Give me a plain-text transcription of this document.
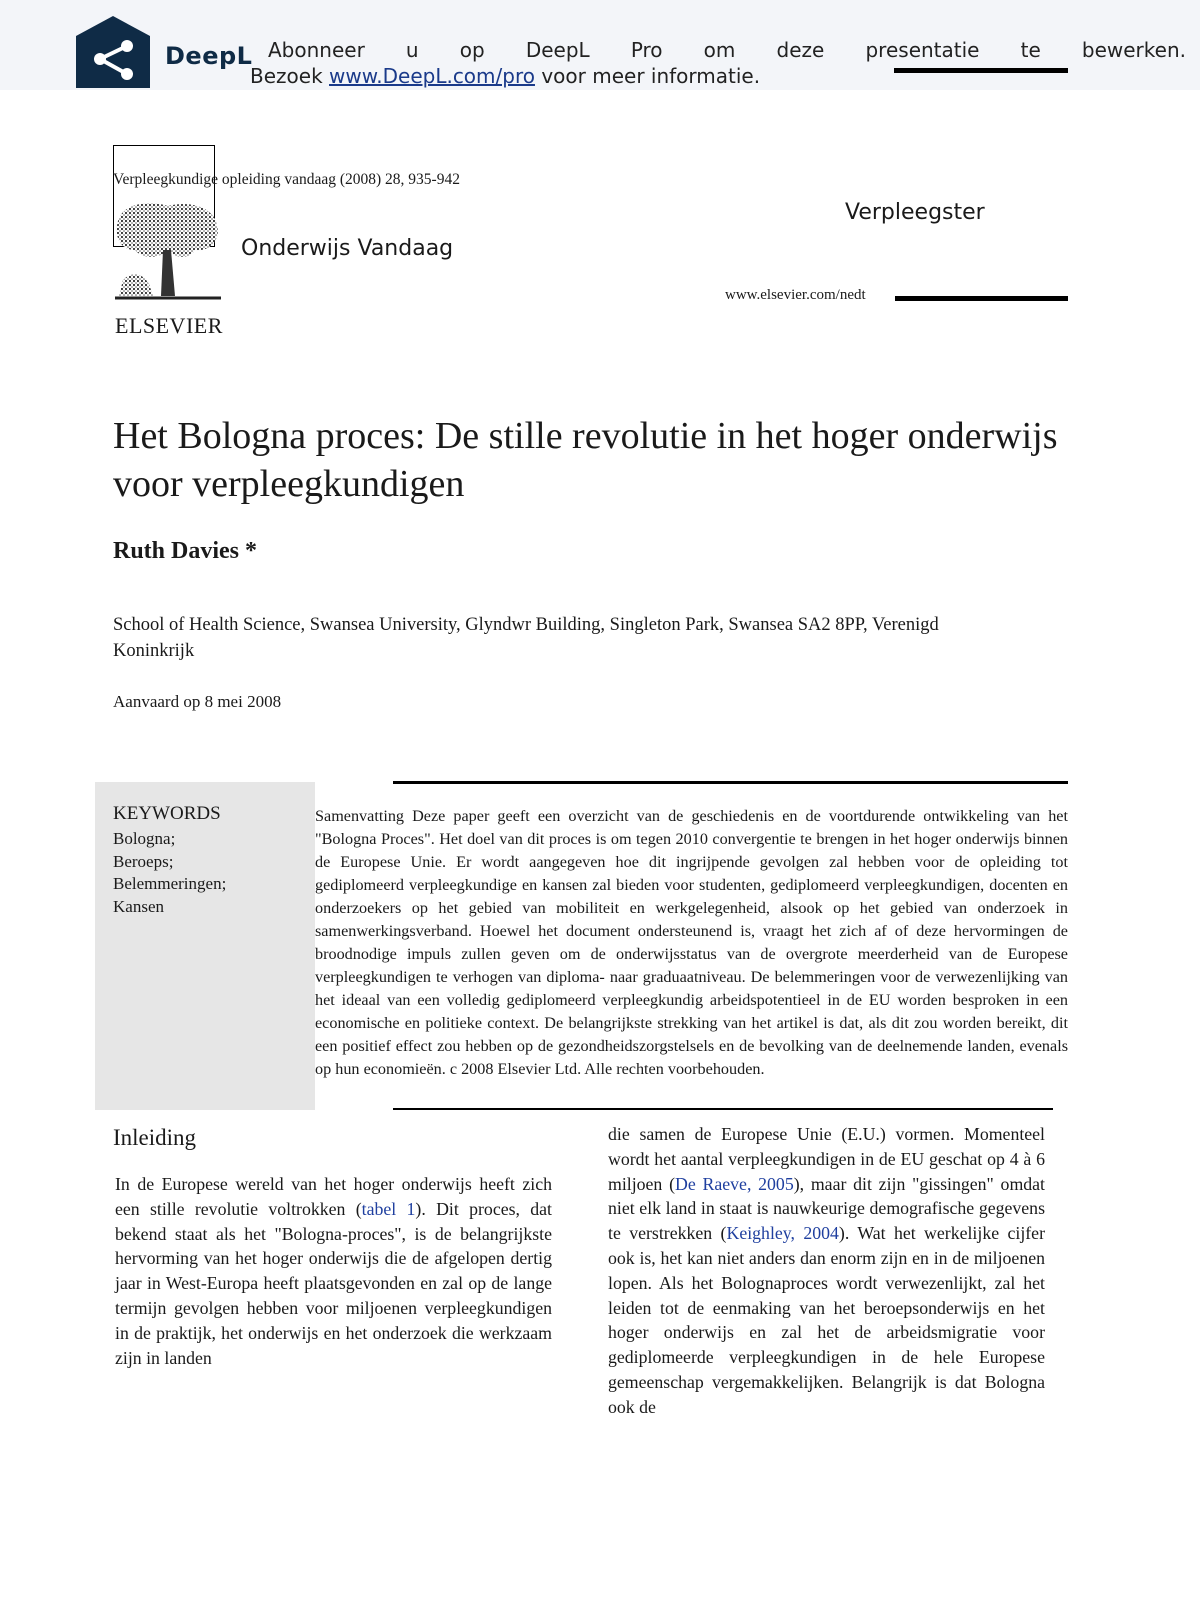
DeepL Abonneer u op DeepL Pro om deze presentatie te bewerken.
Bezoek www.DeepL.com/pro voor meer informatie.
ELSEVIER
Verpleegkundige opleiding vandaag (2008) 28, 935-942
Verpleegster
Onderwijs Vandaag
www.elsevier.com/nedt
Het Bologna proces: De stille revolutie in het hoger onderwijs voor verpleegkundigen
Ruth Davies *
School of Health Science, Swansea University, Glyndwr Building, Singleton Park, Swansea SA2 8PP, Verenigd Koninkrijk
Aanvaard op 8 mei 2008
KEYWORDS
Bologna;
Beroeps;
Belemmeringen;
Kansen
Samenvatting Deze paper geeft een overzicht van de geschiedenis en de voortdurende ontwikkeling van het "Bologna Proces". Het doel van dit proces is om tegen 2010 convergentie te brengen in het hoger onderwijs binnen de Europese Unie. Er wordt aangegeven hoe dit ingrijpende gevolgen zal hebben voor de opleiding tot gediplomeerd verpleegkundige en kansen zal bieden voor studenten, gediplomeerd verpleegkundigen, docenten en onderzoekers op het gebied van mobiliteit en werkgelegenheid, alsook op het gebied van onderzoek in samenwerkingsverband. Hoewel het document ondersteunend is, vraagt het zich af of deze hervormingen de broodnodige impuls zullen geven om de onderwijsstatus van de overgrote meerderheid van de Europese verpleegkundigen te verhogen van diploma- naar graduaatniveau. De belemmeringen voor de verwezenlijking van het ideaal van een volledig gediplomeerd verpleegkundig arbeidspotentieel in de EU worden besproken in een economische en politieke context. De belangrijkste strekking van het artikel is dat, als dit zou worden bereikt, dit een positief effect zou hebben op de gezondheidszorgstelsels en de bevolking van de deelnemende landen, evenals op hun economieën. c 2008 Elsevier Ltd. Alle rechten voorbehouden.
Inleiding
In de Europese wereld van het hoger onderwijs heeft zich een stille revolutie voltrokken (tabel 1). Dit proces, dat bekend staat als het "Bologna-proces", is de belangrijkste hervorming van het hoger onderwijs die de afgelopen dertig jaar in West-Europa heeft plaatsgevonden en zal op de lange termijn gevolgen hebben voor miljoenen verpleegkundigen in de praktijk, het onderwijs en het onderzoek die werkzaam zijn in landen
die samen de Europese Unie (E.U.) vormen. Momenteel wordt het aantal verpleegkundigen in de EU geschat op 4 à 6 miljoen (De Raeve, 2005), maar dit zijn "gissingen" omdat niet elk land in staat is nauwkeurige demografische gegevens te verstrekken (Keighley, 2004). Wat het werkelijke cijfer ook is, het kan niet anders dan enorm zijn en in de miljoenen lopen. Als het Bolognaproces wordt verwezenlijkt, zal het leiden tot de eenmaking van het beroepsonderwijs en het hoger onderwijs en zal het de arbeidsmigratie voor gediplomeerde verpleegkundigen in de hele Europese gemeenschap vergemakkelijken. Belangrijk is dat Bologna ook de
